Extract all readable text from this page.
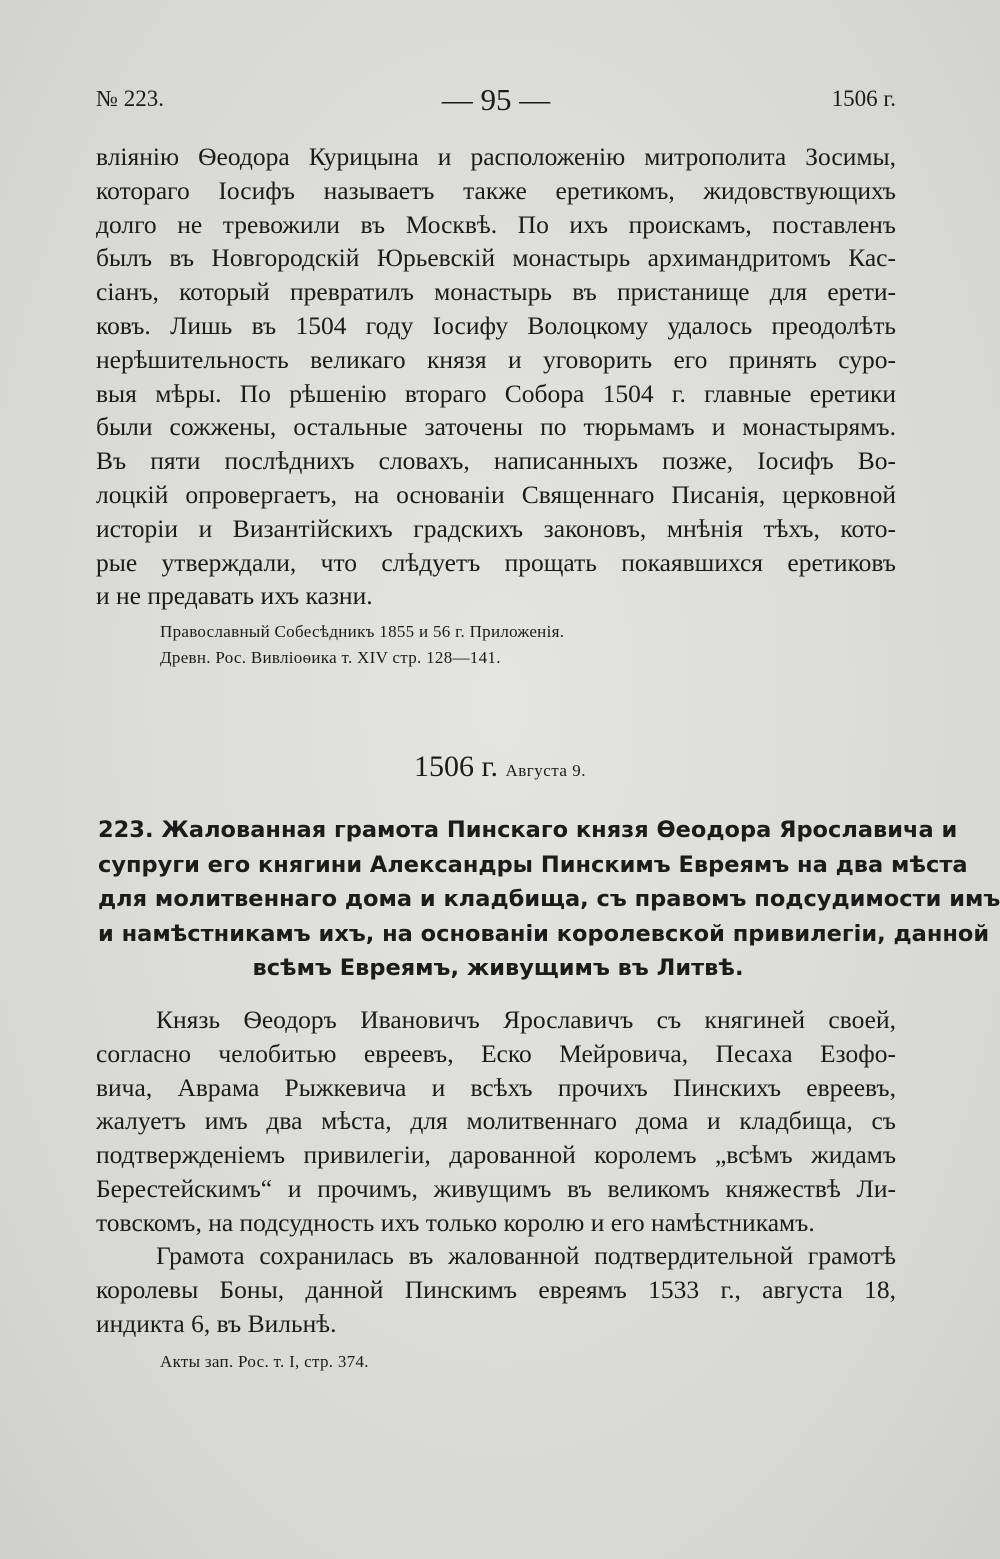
№ 223.	— 95 —	1506 г.
вліянію Ѳеодора Курицына и расположенію митрополита Зосимы,
котораго Іосифъ называетъ также еретикомъ, жидовствующихъ
долго не тревожили въ Москвѣ. По ихъ проискамъ, поставленъ
былъ въ Новгородскій Юрьевскій монастырь архимандритомъ Кас-
сіанъ, который превратилъ монастырь въ пристанище для ерети-
ковъ. Лишь въ 1504 году Іосифу Волоцкому удалось преодолѣть
нерѣшительность великаго князя и уговорить его принять суро-
выя мѣры. По рѣшенію втораго Собора 1504 г. главные еретики
были сожжены, остальные заточены по тюрьмамъ и монастырямъ.
Въ пяти послѣднихъ словахъ, написанныхъ позже, Іосифъ Во-
лоцкій опровергаетъ, на основаніи Священнаго Писанія, церковной
исторіи и Византійскихъ градскихъ законовъ, мнѣнія тѣхъ, кото-
рые утверждали, что слѣдуетъ прощать покаявшихся еретиковъ
и не предавать ихъ казни.
Православный Собесѣдникъ 1855 и 56 г. Приложенія.
Древн. Рос. Вивліоѳика т. XIV стр. 128—141.
1506 г. Августа 9.
223. Жалованная грамота Пинскаго князя Ѳеодора Ярославича и
супруги его княгини Александры Пинскимъ Евреямъ на два мѣста
для молитвеннаго дома и кладбища, съ правомъ подсудимости имъ
и намѣстникамъ ихъ, на основаніи королевской привилегіи, данной
всѣмъ Евреямъ, живущимъ въ Литвѣ.
Князь Ѳеодоръ Ивановичъ Ярославичъ съ княгиней своей,
согласно челобитью евреевъ, Еско Мейровича, Песаха Езофо-
вича, Аврама Рыжкевича и всѣхъ прочихъ Пинскихъ евреевъ,
жалуетъ имъ два мѣста, для молитвеннаго дома и кладбища, съ
подтвержденіемъ привилегіи, дарованной королемъ „всѣмъ жидамъ
Берестейскимъ“ и прочимъ, живущимъ въ великомъ княжествѣ Ли-
товскомъ, на подсудность ихъ только королю и его намѣстникамъ.
Грамота сохранилась въ жалованной подтвердительной грамотѣ
королевы Боны, данной Пинскимъ евреямъ 1533 г., августа 18,
индикта 6, въ Вильнѣ.
Акты зап. Рос. т. I, стр. 374.
